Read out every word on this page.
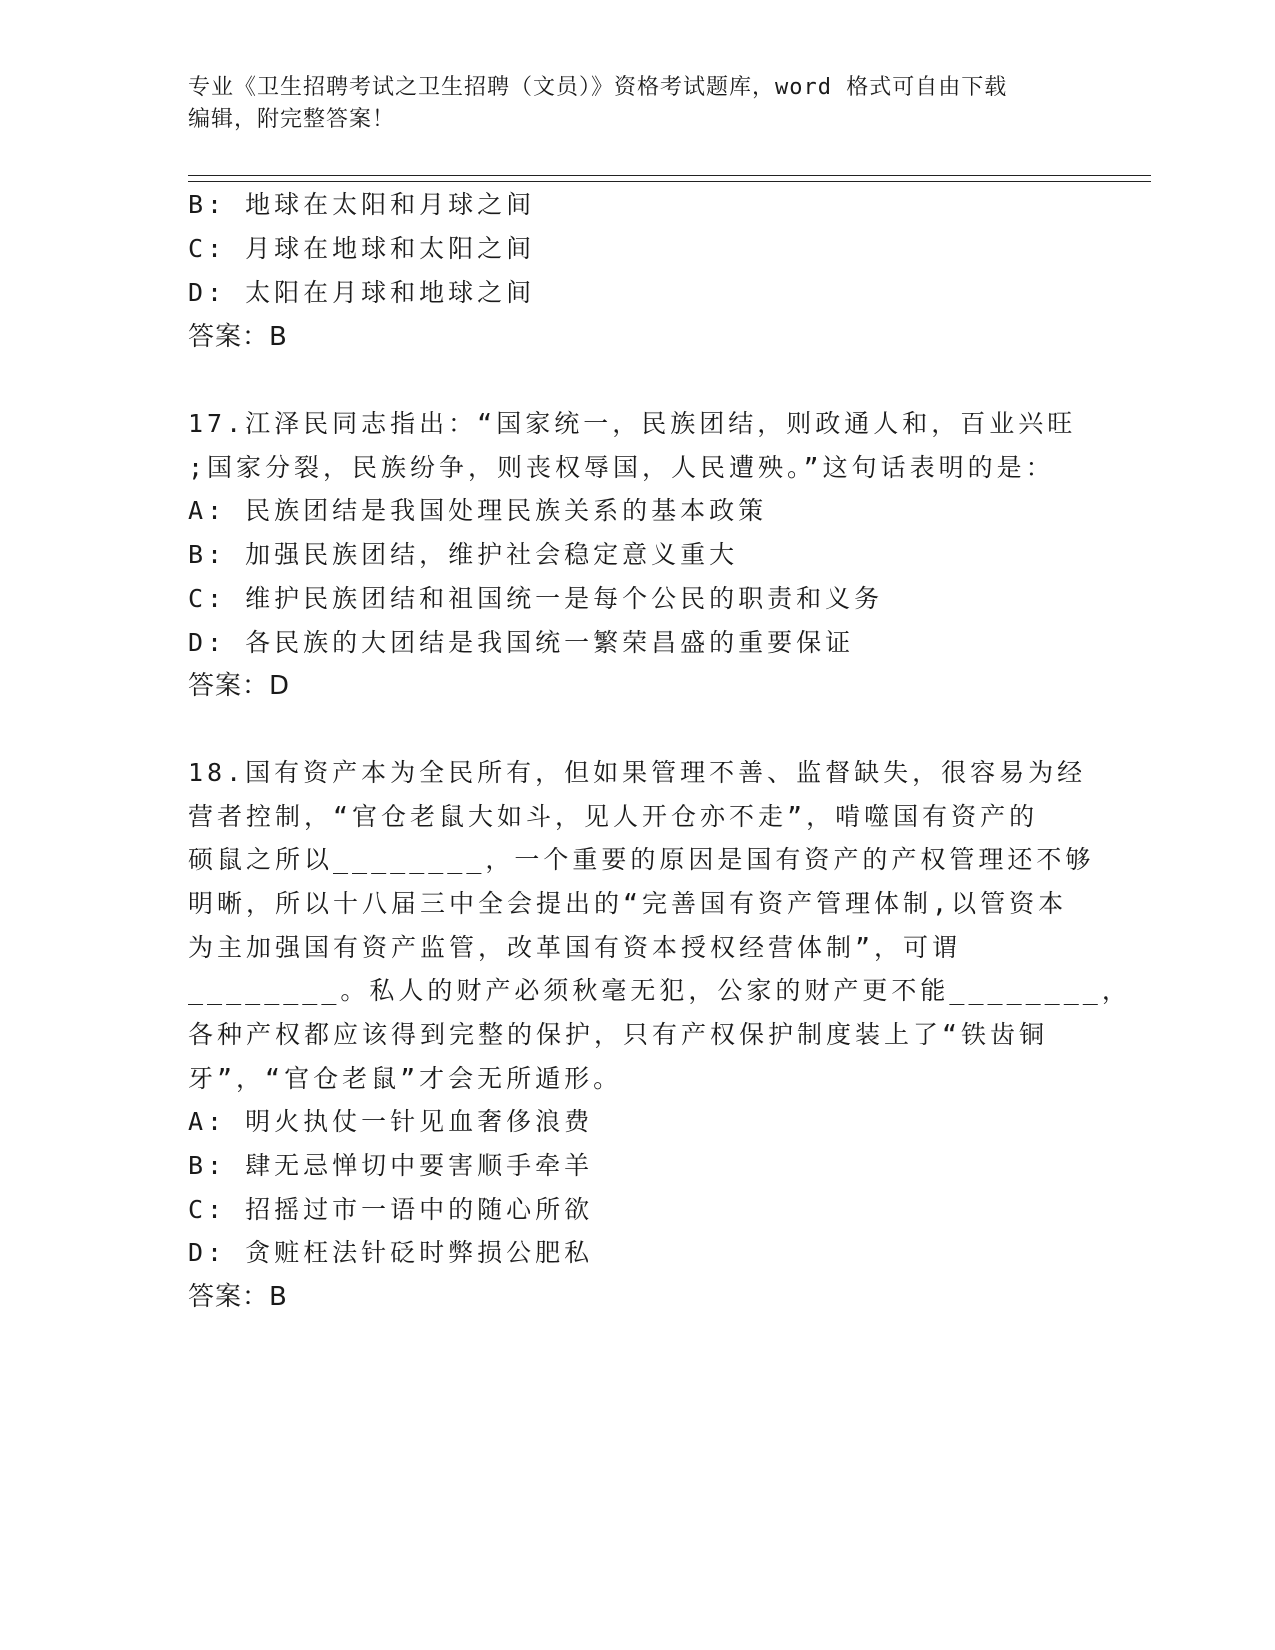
专业《卫生招聘考试之卫生招聘（文员）》资格考试题库，word 格式可自由下载
编辑，附完整答案！
B: 地球在太阳和月球之间
C: 月球在地球和太阳之间
D: 太阳在月球和地球之间
答案：B
17.江泽民同志指出：“国家统一，民族团结，则政通人和，百业兴旺
;国家分裂，民族纷争，则丧权辱国，人民遭殃。”这句话表明的是：
A: 民族团结是我国处理民族关系的基本政策
B: 加强民族团结，维护社会稳定意义重大
C: 维护民族团结和祖国统一是每个公民的职责和义务
D: 各民族的大团结是我国统一繁荣昌盛的重要保证
答案：D
18.国有资产本为全民所有，但如果管理不善、监督缺失，很容易为经
营者控制，“官仓老鼠大如斗，见人开仓亦不走”，啃噬国有资产的
硕鼠之所以________，一个重要的原因是国有资产的产权管理还不够
明晰，所以十八届三中全会提出的“完善国有资产管理体制,以管资本
为主加强国有资产监管，改革国有资本授权经营体制”，可谓
________。私人的财产必须秋毫无犯，公家的财产更不能________，
各种产权都应该得到完整的保护，只有产权保护制度装上了“铁齿铜
牙”，“官仓老鼠”才会无所遁形。
A: 明火执仗一针见血奢侈浪费
B: 肆无忌惮切中要害顺手牵羊
C: 招摇过市一语中的随心所欲
D: 贪赃枉法针砭时弊损公肥私
答案：B
